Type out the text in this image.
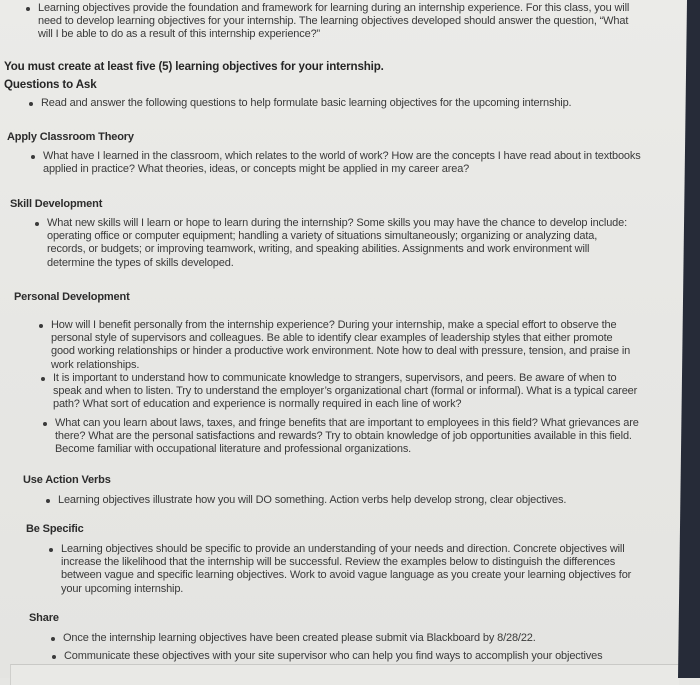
Learning objectives provide the foundation and framework for learning during an internship experience. For this class, you will need to develop learning objectives for your internship. The learning objectives developed should answer the question, “What will I be able to do as a result of this internship experience?”
You must create at least five (5) learning objectives for your internship.
Questions to Ask
Read and answer the following questions to help formulate basic learning objectives for the upcoming internship.
Apply Classroom Theory
What have I learned in the classroom, which relates to the world of work? How are the concepts I have read about in textbooks applied in practice? What theories, ideas, or concepts might be applied in my career area?
Skill Development
What new skills will I learn or hope to learn during the internship? Some skills you may have the chance to develop include: operating office or computer equipment; handling a variety of situations simultaneously; organizing or analyzing data, records, or budgets; or improving teamwork, writing, and speaking abilities. Assignments and work environment will determine the types of skills developed.
Personal Development
How will I benefit personally from the internship experience? During your internship, make a special effort to observe the personal style of supervisors and colleagues. Be able to identify clear examples of leadership styles that either promote good working relationships or hinder a productive work environment. Note how to deal with pressure, tension, and praise in work relationships.
It is important to understand how to communicate knowledge to strangers, supervisors, and peers. Be aware of when to speak and when to listen. Try to understand the employer’s organizational chart (formal or informal). What is a typical career path? What sort of education and experience is normally required in each line of work?
What can you learn about laws, taxes, and fringe benefits that are important to employees in this field? What grievances are there? What are the personal satisfactions and rewards? Try to obtain knowledge of job opportunities available in this field. Become familiar with occupational literature and professional organizations.
Use Action Verbs
Learning objectives illustrate how you will DO something. Action verbs help develop strong, clear objectives.
Be Specific
Learning objectives should be specific to provide an understanding of your needs and direction. Concrete objectives will increase the likelihood that the internship will be successful. Review the examples below to distinguish the differences between vague and specific learning objectives. Work to avoid vague language as you create your learning objectives for your upcoming internship.
Share
Once the internship learning objectives have been created please submit via Blackboard by 8/28/22.
Communicate these objectives with your site supervisor who can help you find ways to accomplish your objectives
